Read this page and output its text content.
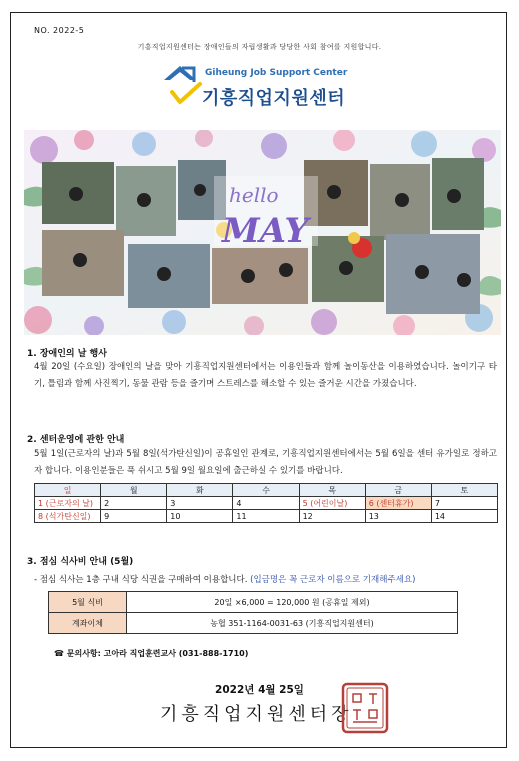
NO. 2022-5
기흥직업지원센터는 장애인들의 자립생활과 당당한 사회 참여를 지원합니다.
Giheung Job Support Center
기흥직업지원센터
hello
MAY
1. 장애인의 날 행사
4월 20일 (수요일) 장애인의 날을 맞아 기흥직업지원센터에서는 이용인들과 함께 놀이동산을 이용하였습니다. 놀이기구 타기, 틀림과 함께 사진찍기, 동물 관람 등을 즐기며 스트레스를 해소할 수 있는 즐거운 시간을 가졌습니다.
2. 센터운영에 관한 안내
5월 1일(근로자의 날)과 5월 8일(석가탄신일)이 공휴일인 관계로, 기흥직업지원센터에서는 5월 6일을 센터 유가일로 정하고자 합니다. 이용인분들은 푹 쉬시고 5월 9일 월요일에 출근하실 수 있기를 바랍니다.
일	월	화	수	목	금	토
1 (근로자의 날)	2	3	4	5 (어린이날)	6 (센터휴가)	7
8 (석가탄신일)	9	10	11	12	13	14
3. 점심 식사비 안내 (5월)
- 점심 식사는 1층 구내 식당 식권을 구매하여 이용합니다. (입금명은 꼭 근로자 이름으로 기재해주세요)
5월 식비	20일 ×6,000 = 120,000 원 (공휴일 제외)
계좌이체	농협 351-1164-0031-63 (기흥직업지원센터)
☎ 문의사항: 고아라 직업훈련교사 (031-888-1710)
2022년 4월 25일
기흥직업지원센터장
